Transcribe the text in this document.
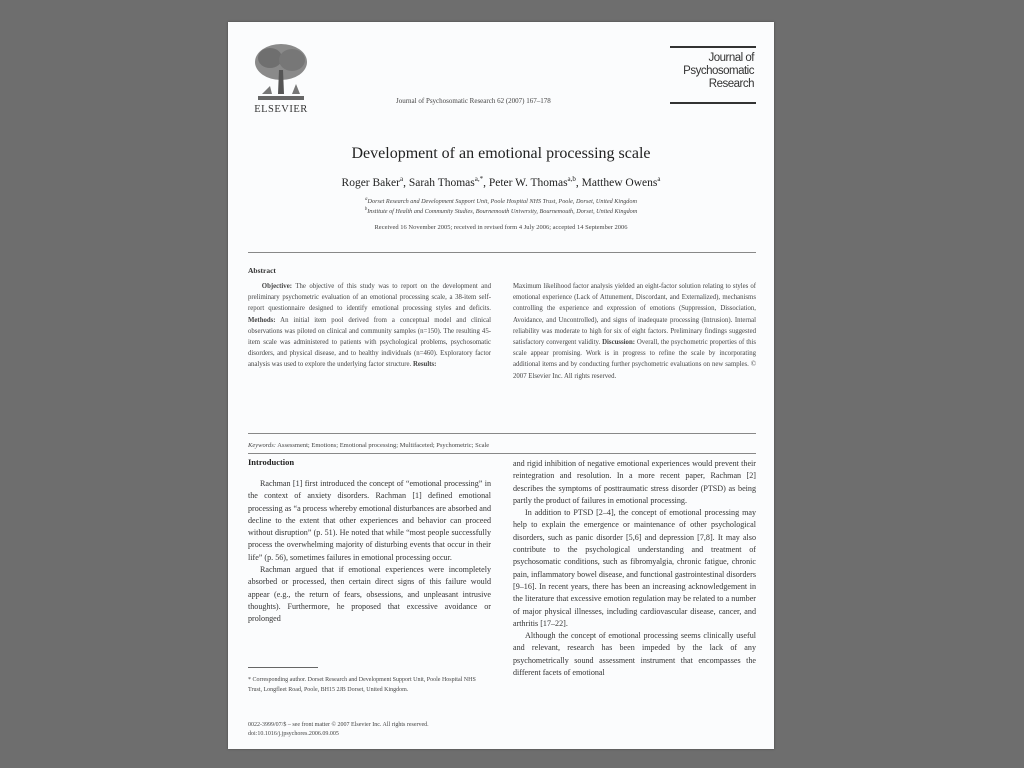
ELSEVIER
Journal of Psychosomatic Research 62 (2007) 167–178
Journal of
Psychosomatic
Research
Development of an emotional processing scale
Roger Baker$^a$, Sarah Thomas$^{a,*}$, Peter W. Thomas$^{a,b}$, Matthew Owens$^a$
$^a$Dorset Research and Development Support Unit, Poole Hospital NHS Trust, Poole, Dorset, United Kingdom
$^b$Institute of Health and Community Studies, Bournemouth University, Bournemouth, Dorset, United Kingdom
Received 16 November 2005; received in revised form 4 July 2006; accepted 14 September 2006
Abstract
Objective: The objective of this study was to report on the development and preliminary psychometric evaluation of an emotional processing scale, a 38-item self-report questionnaire designed to identify emotional processing styles and deficits. Methods: An initial item pool derived from a conceptual model and clinical observations was piloted on clinical and community samples (n=150). The resulting 45-item scale was administered to patients with psychological problems, psychosomatic disorders, and physical disease, and to healthy individuals (n=460). Exploratory factor analysis was used to explore the underlying factor structure. Results:
Maximum likelihood factor analysis yielded an eight-factor solution relating to styles of emotional experience (Lack of Attunement, Discordant, and Externalized), mechanisms controlling the experience and expression of emotions (Suppression, Dissociation, Avoidance, and Uncontrolled), and signs of inadequate processing (Intrusion). Internal reliability was moderate to high for six of eight factors. Preliminary findings suggested satisfactory convergent validity. Discussion: Overall, the psychometric properties of this scale appear promising. Work is in progress to refine the scale by incorporating additional items and by conducting further psychometric evaluations on new samples. © 2007 Elsevier Inc. All rights reserved.
Keywords: Assessment; Emotions; Emotional processing; Multifaceted; Psychometric; Scale
Introduction

Rachman [1] first introduced the concept of “emotional processing” in the context of anxiety disorders. Rachman [1] defined emotional processing as “a process whereby emotional disturbances are absorbed and decline to the extent that other experiences and behavior can proceed without disruption” (p. 51). He noted that while “most people successfully process the overwhelming majority of disturbing events that occur in their life” (p. 56), sometimes failures in emotional processing occur.

Rachman argued that if emotional experiences were incompletely absorbed or processed, then certain direct signs of this failure would appear (e.g., the return of fears, obsessions, and unpleasant intrusive thoughts). Furthermore, he proposed that excessive avoidance or prolonged

and rigid inhibition of negative emotional experiences would prevent their reintegration and resolution. In a more recent paper, Rachman [2] describes the symptoms of posttraumatic stress disorder (PTSD) as being partly the product of failures in emotional processing.

In addition to PTSD [2–4], the concept of emotional processing may help to explain the emergence or maintenance of other psychological disorders, such as panic disorder [5,6] and depression [7,8]. It may also contribute to the psychological understanding and treatment of psychosomatic conditions, such as fibromyalgia, chronic fatigue, chronic pain, inflammatory bowel disease, and functional gastrointestinal disorders [9–16]. In recent years, there has been an increasing acknowledgement in the literature that excessive emotion regulation may be related to a number of major physical illnesses, including cardiovascular disease, cancer, and arthritis [17–22].

Although the concept of emotional processing seems clinically useful and relevant, research has been impeded by the lack of any psychometrically sound assessment instrument that encompasses the different facets of emotional

* Corresponding author. Dorset Research and Development Support Unit, Poole Hospital NHS Trust, Longfleet Road, Poole, BH15 2JB Dorset, United Kingdom.
0022-3999/07/$ – see front matter © 2007 Elsevier Inc. All rights reserved.
doi:10.1016/j.jpsychores.2006.09.005
